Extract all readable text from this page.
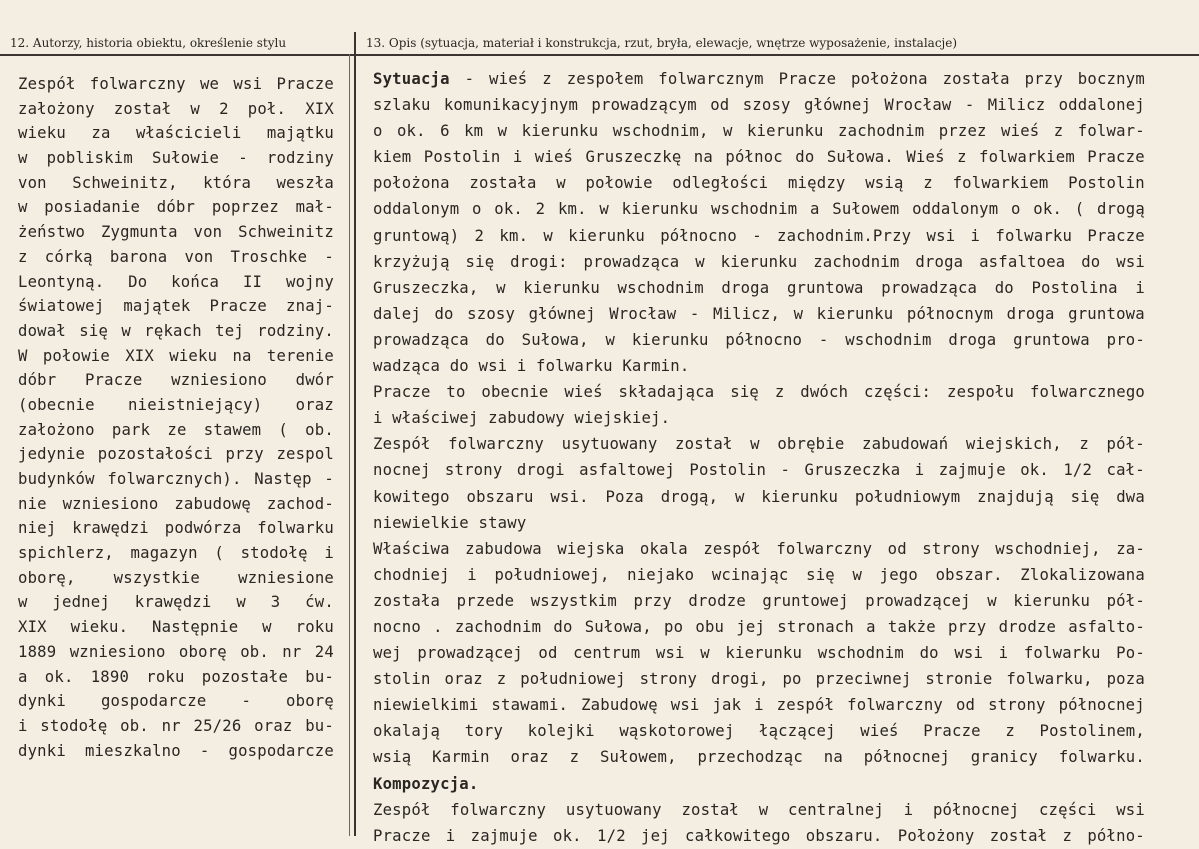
12. Autorzy, historia obiektu, określenie stylu	13. Opis (sytuacja, materiał i konstrukcja, rzut, bryła, elewacje, wnętrze wyposażenie, instalacje)
Zespół folwarczny we wsi Pracze
założony został w 2 poł. XIX
wieku za właścicieli majątku
w pobliskim Sułowie - rodziny
von Schweinitz, która weszła
w posiadanie dóbr poprzez mał-
żeństwo Zygmunta von Schweinitz
z córką barona von Troschke -
Leontyną. Do końca II wojny
światowej majątek Pracze znaj-
dował się w rękach tej rodziny.
W połowie XIX wieku na terenie
dóbr Pracze wzniesiono dwór
(obecnie nieistniejący) oraz
założono park ze stawem ( ob.
jedynie pozostałości przy zespol
budynków folwarcznych). Następ -
nie wzniesiono zabudowę zachod-
niej krawędzi podwórza folwarku
spichlerz, magazyn ( stodołę i
oborę, wszystkie wzniesione
w jednej krawędzi w 3 ćw.
XIX wieku. Następnie w roku
1889 wzniesiono oborę ob. nr 24
a ok. 1890 roku pozostałe bu-
dynki gospodarcze - oborę
i stodołę ob. nr 25/26 oraz bu-
dynki mieszkalno - gospodarcze
Sytuacja - wieś z zespołem folwarcznym Pracze położona została przy bocznym
szlaku komunikacyjnym prowadzącym od szosy głównej Wrocław - Milicz oddalonej
o ok. 6 km w kierunku wschodnim, w kierunku zachodnim przez wieś z folwar-
kiem Postolin i wieś Gruszeczkę na północ do Sułowa. Wieś z folwarkiem Pracze
położona została w połowie odległości między wsią z folwarkiem Postolin
oddalonym o ok. 2 km. w kierunku wschodnim a Sułowem oddalonym o ok. ( drogą
gruntową) 2 km. w kierunku północno - zachodnim.Przy wsi i folwarku Pracze
krzyżują się drogi: prowadząca w kierunku zachodnim droga asfaltoea do wsi
Gruszeczka, w kierunku wschodnim droga gruntowa prowadząca do Postolina i
dalej do szosy głównej Wrocław - Milicz, w kierunku północnym droga gruntowa
prowadząca do Sułowa, w kierunku północno - wschodnim droga gruntowa pro-
wadząca do wsi i folwarku Karmin.
Pracze to obecnie wieś składająca się z dwóch części: zespołu folwarcznego
i właściwej zabudowy wiejskiej.
Zespół folwarczny usytuowany został w obrębie zabudowań wiejskich, z pół-
nocnej strony drogi asfaltowej Postolin - Gruszeczka i zajmuje ok. 1/2 cał-
kowitego obszaru wsi. Poza drogą, w kierunku południowym znajdują się dwa
niewielkie stawy
Właściwa zabudowa wiejska okala zespół folwarczny od strony wschodniej, za-
chodniej i południowej, niejako wcinając się w jego obszar. Zlokalizowana
została przede wszystkim przy drodze gruntowej prowadzącej w kierunku pół-
nocno . zachodnim do Sułowa, po obu jej stronach a także przy drodze asfalto-
wej prowadzącej od centrum wsi w kierunku wschodnim do wsi i folwarku Po-
stolin oraz z południowej strony drogi, po przeciwnej stronie folwarku, poza
niewielkimi stawami. Zabudowę wsi jak i zespół folwarczny od strony północnej
okalają tory kolejki wąskotorowej łączącej wieś Pracze z Postolinem,
wsią Karmin oraz z Sułowem, przechodząc na północnej granicy folwarku.
Kompozycja.
Zespół folwarczny usytuowany został w centralnej i północnej części wsi
Pracze i zajmuje ok. 1/2 jej całkowitego obszaru. Położony został z półno-
